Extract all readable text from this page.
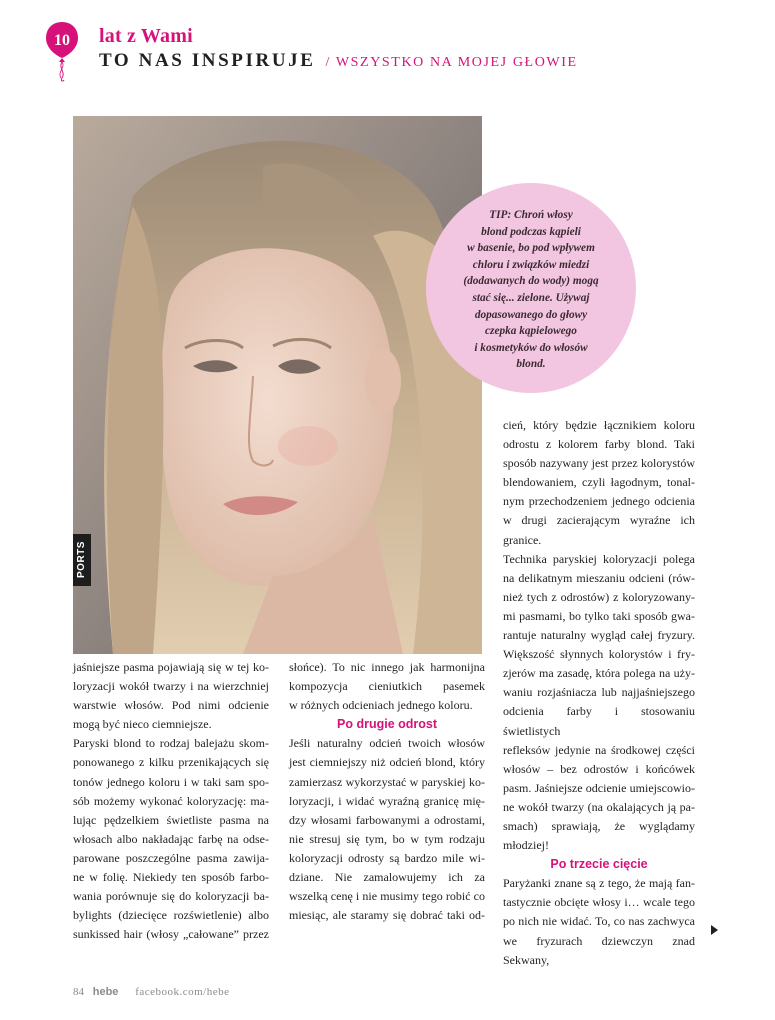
10 lat z Wami
TO NAS INSPIRUJE / WSZYSTKO NA MOJEJ GŁOWIE
PORTS
TIP: Chroń włosy
blond podczas kąpieli
w basenie, bo pod wpływem
chloru i związków miedzi
(dodawanych do wody) mogą
stać się... zielone. Używaj
dopasowanego do głowy
czepka kąpielowego
i kosmetyków do włosów
blond.

jaśniejsze pasma pojawiają się w tej ko-

loryzacji wokół twarzy i na wierzchniej

warstwie włosów. Pod nimi odcienie

mogą być nieco ciemniejsze.

Paryski blond to rodzaj balejażu skom-

ponowanego z kilku przenikających się

tonów jednego koloru i w taki sam spo-

sób możemy wykonać koloryzację: ma-

lując pędzelkiem świetliste pasma na

włosach albo nakładając farbę na odse-

parowane poszczególne pasma zawija-

ne w folię. Niekiedy ten sposób farbo-

wania porównuje się do koloryzacji ba-

bylights (dziecięce rozświetlenie) albo

sunkissed hair (włosy „całowane” przez

słońce). To nic innego jak harmonijna

kompozycja cieniutkich pasemek

w różnych odcieniach jednego koloru.

Po drugie odrost

Jeśli naturalny odcień twoich włosów

jest ciemniejszy niż odcień blond, który

zamierzasz wykorzystać w paryskiej ko-

loryzacji, i widać wyraźną granicę mię-

dzy włosami farbowanymi a odrostami,

nie stresuj się tym, bo w tym rodzaju

koloryzacji odrosty są bardzo mile wi-

dziane. Nie zamalowujemy ich za

wszelką cenę i nie musimy tego robić co

miesiąc, ale staramy się dobrać taki od-

cień, który będzie łącznikiem koloru

odrostu z kolorem farby blond. Taki

sposób nazywany jest przez kolorystów

blendowaniem, czyli łagodnym, tonal-

nym przechodzeniem jednego odcienia

w drugi zacierającym wyraźne ich

granice.

Technika paryskiej koloryzacji polega

na delikatnym mieszaniu odcieni (rów-

nież tych z odrostów) z koloryzowany-

mi pasmami, bo tylko taki sposób gwa-

rantuje naturalny wygląd całej fryzury.

Większość słynnych kolorystów i fry-

zjerów ma zasadę, która polega na uży-

waniu rozjaśniacza lub najjaśniejszego

odcienia farby i stosowaniu świetlistych

refleksów jedynie na środkowej części

włosów – bez odrostów i końcówek

pasm. Jaśniejsze odcienie umiejscowio-

ne wokół twarzy (na okalających ją pa-

smach) sprawiają, że wyglądamy

młodziej!

Po trzecie cięcie

Paryżanki znane są z tego, że mają fan-

tastycznie obcięte włosy i… wcale tego

po nich nie widać. To, co nas zachwyca

we fryzurach dziewczyn znad Sekwany,

84 hebe facebook.com/hebe
